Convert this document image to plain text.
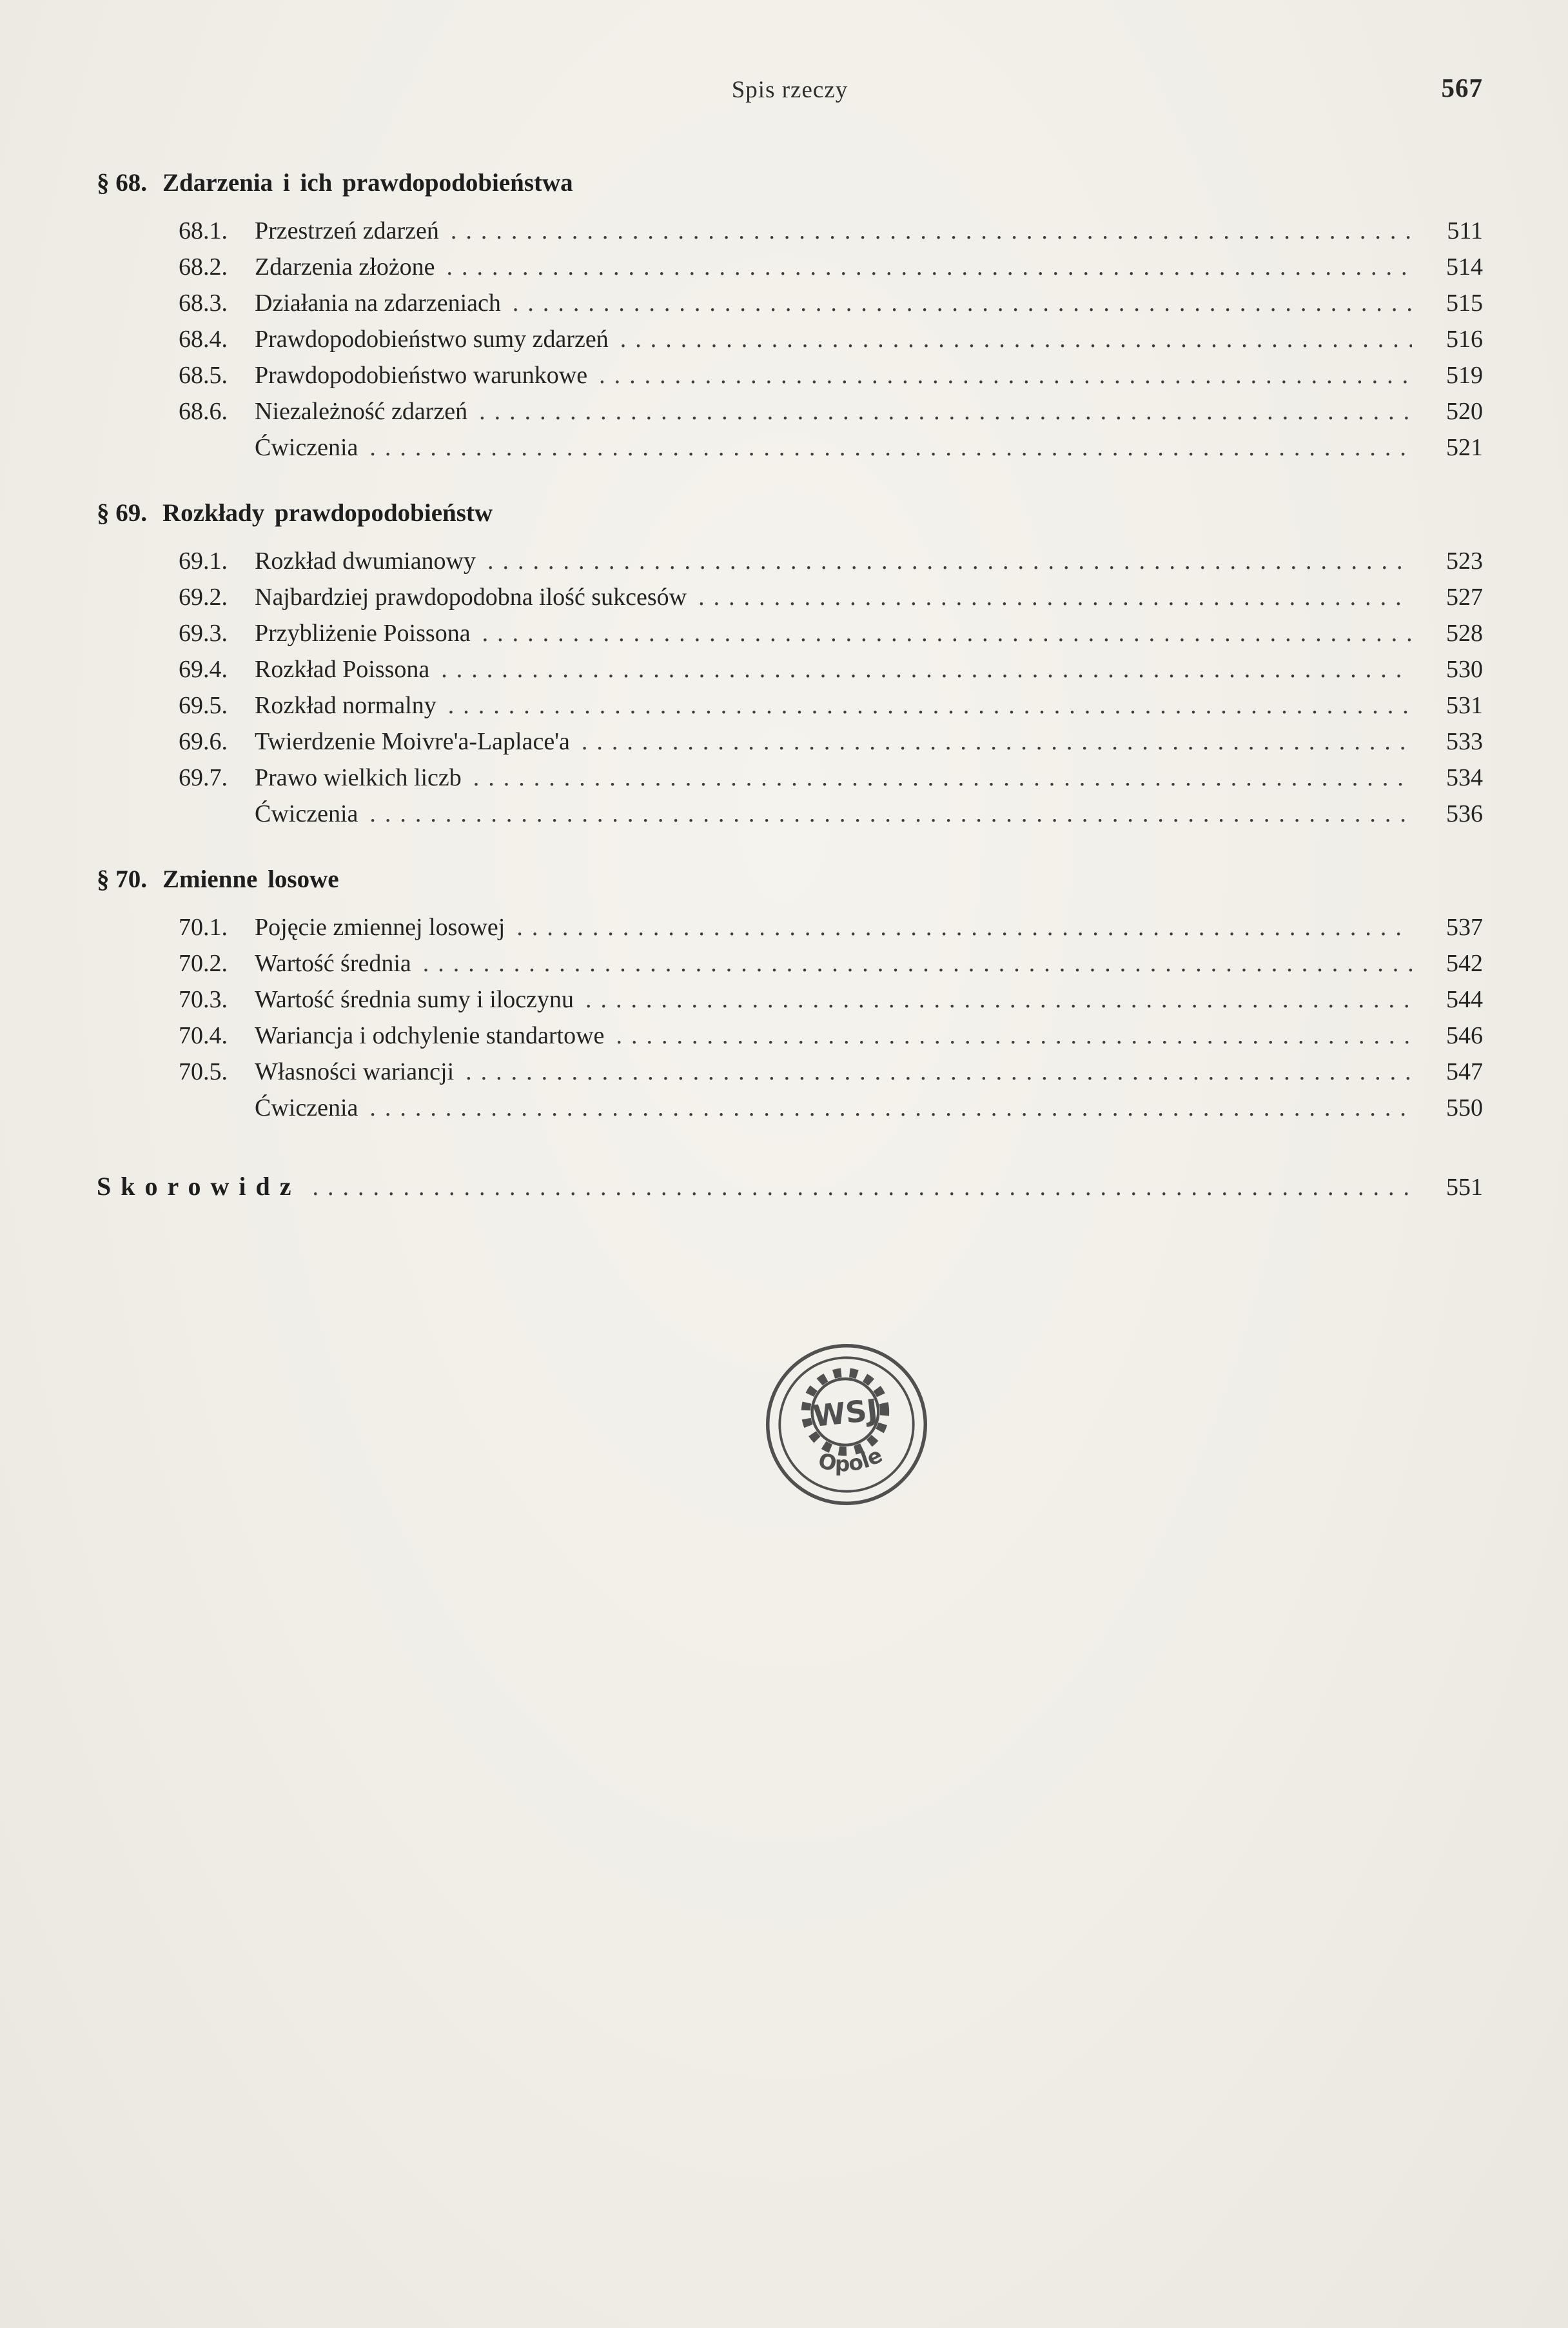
Spis rzeczy	567
§ 68. Zdarzenia i ich prawdopodobieństwa
68.1.	Przestrzeń zdarzeń .....	511
68.2.	Zdarzenia złożone .....	514
68.3.	Działania na zdarzeniach .....	515
68.4.	Prawdopodobieństwo sumy zdarzeń .....	516
68.5.	Prawdopodobieństwo warunkowe .....	519
68.6.	Niezależność zdarzeń .....	520
Ćwiczenia .....	521
§ 69. Rozkłady prawdopodobieństw
69.1.	Rozkład dwumianowy .....	523
69.2.	Najbardziej prawdopodobna ilość sukcesów .....	527
69.3.	Przybliżenie Poissona .....	528
69.4.	Rozkład Poissona .....	530
69.5.	Rozkład normalny .....	531
69.6.	Twierdzenie Moivre'a-Laplace'a .....	533
69.7.	Prawo wielkich liczb .....	534
Ćwiczenia .....	536
§ 70. Zmienne losowe
70.1.	Pojęcie zmiennej losowej .....	537
70.2.	Wartość średnia .....	542
70.3.	Wartość średnia sumy i iloczynu .....	544
70.4.	Wariancja i odchylenie standartowe .....	546
70.5.	Własności wariancji .....	547
Ćwiczenia .....	550
Skorowidz .....	551
WSJ
Opole
